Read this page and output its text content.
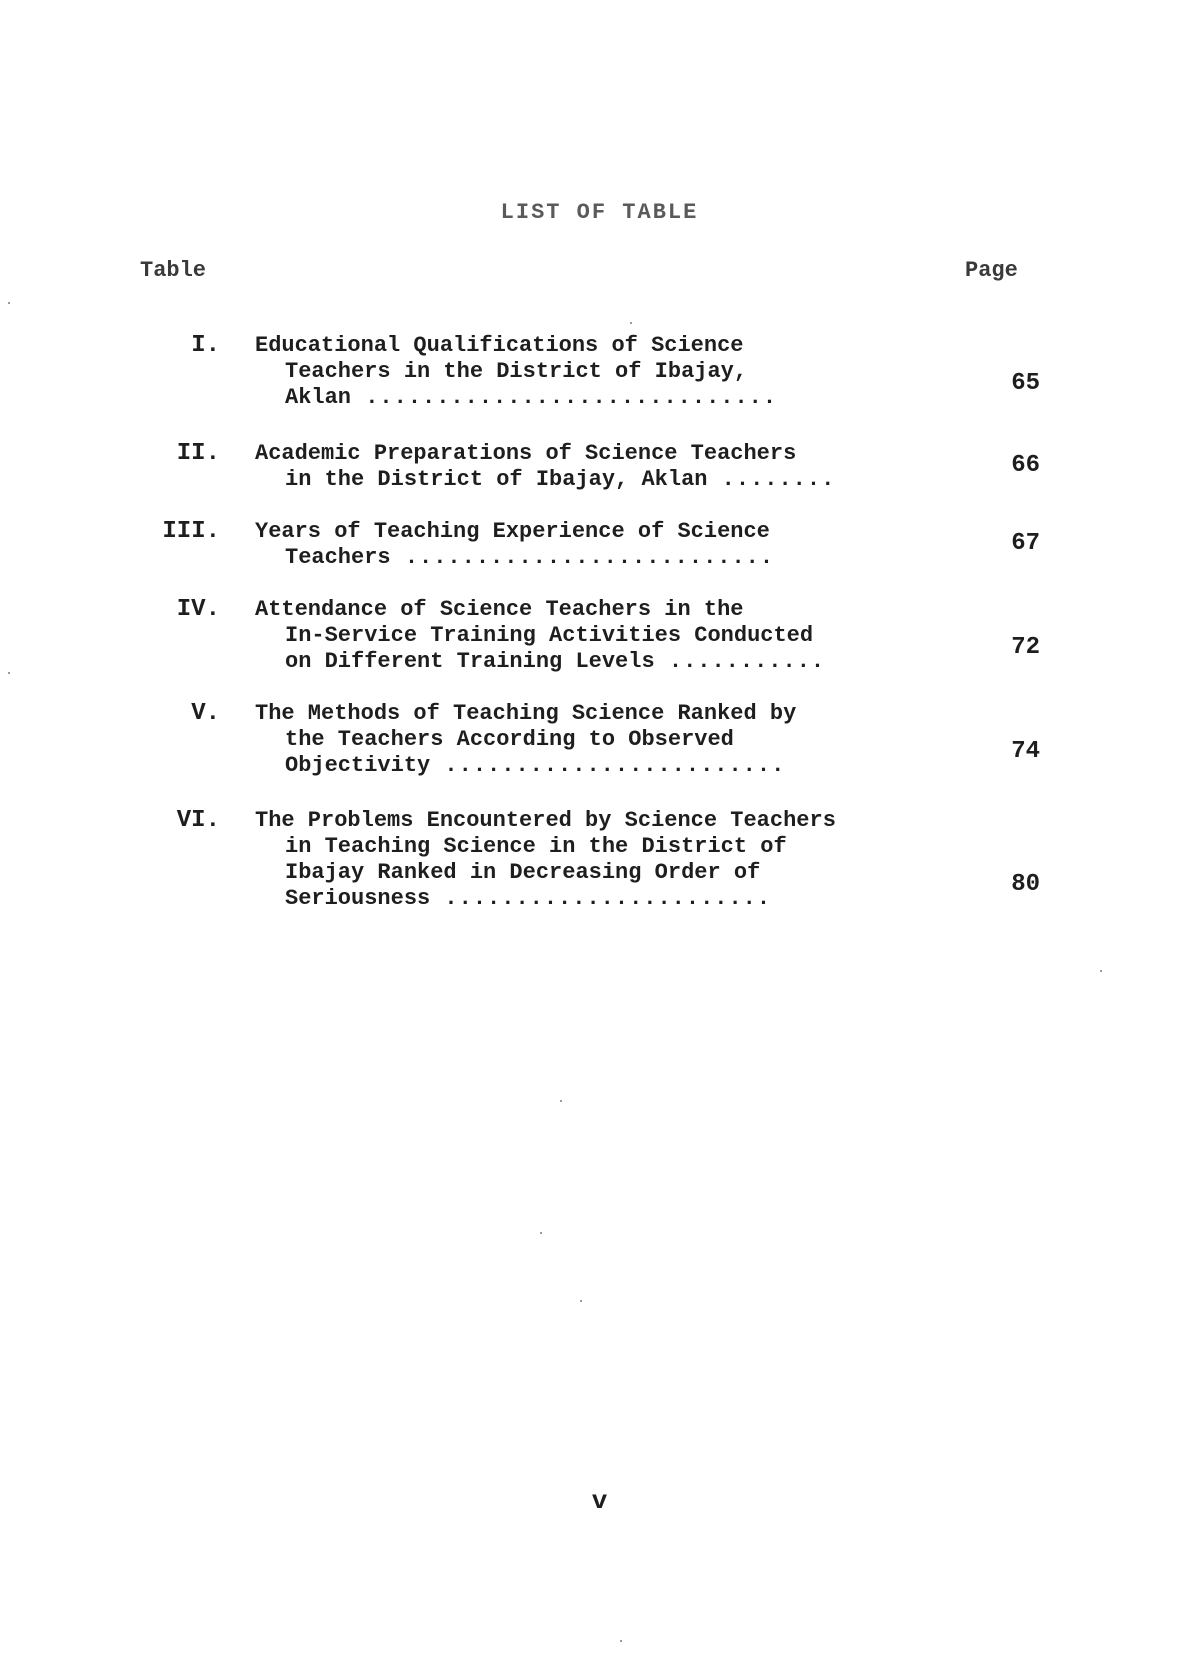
LIST OF TABLE
Table	Page
I. Educational Qualifications of Science
Teachers in the District of Ibajay,
Aklan .............................
65
II. Academic Preparations of Science Teachers
in the District of Ibajay, Aklan ........
66
III. Years of Teaching Experience of Science
Teachers ..........................
67
IV. Attendance of Science Teachers in the
In-Service Training Activities Conducted
on Different Training Levels ...........
72
V. The Methods of Teaching Science Ranked by
the Teachers According to Observed
Objectivity ........................
74
VI. The Problems Encountered by Science Teachers
in Teaching Science in the District of
Ibajay Ranked in Decreasing Order of
Seriousness .......................
80
v
